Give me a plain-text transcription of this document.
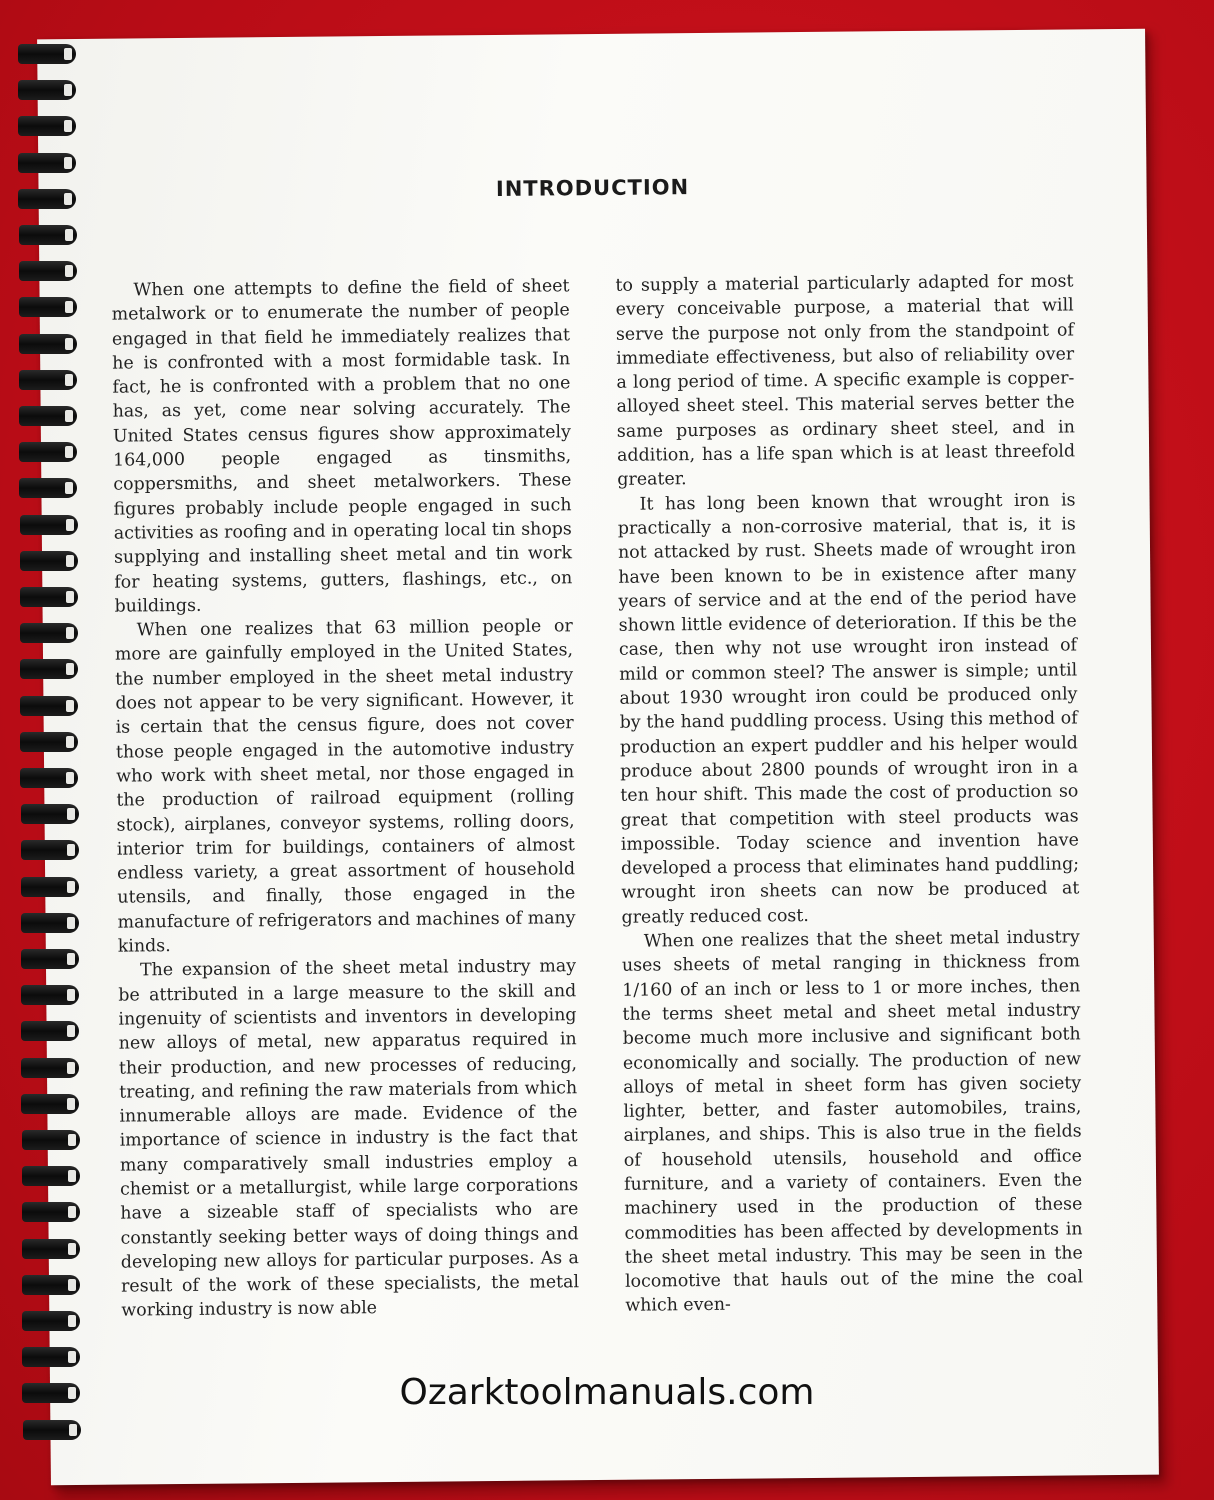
INTRODUCTION

When one attempts to define the field of sheet metalwork or to enumerate the number of people engaged in that field he immediately realizes that he is confronted with a most formidable task. In fact, he is confronted with a problem that no one has, as yet, come near solving accurately. The United States census figures show approximately 164,000 people engaged as tinsmiths, coppersmiths, and sheet metalworkers. These figures probably include people engaged in such activities as roofing and in operating local tin shops supplying and installing sheet metal and tin work for heating systems, gutters, flashings, etc., on buildings.

When one realizes that 63 million people or more are gainfully employed in the United States, the number employed in the sheet metal industry does not appear to be very significant. However, it is certain that the census figure, does not cover those people engaged in the automotive industry who work with sheet metal, nor those engaged in the production of railroad equipment (rolling stock), airplanes, conveyor systems, rolling doors, interior trim for buildings, containers of almost endless variety, a great assortment of household utensils, and finally, those engaged in the manufacture of refrigerators and machines of many kinds.

The expansion of the sheet metal industry may be attributed in a large measure to the skill and ingenuity of scientists and inventors in developing new alloys of metal, new apparatus required in their production, and new processes of reducing, treating, and refining the raw materials from which innumerable alloys are made. Evidence of the importance of science in industry is the fact that many comparatively small industries employ a chemist or a metallurgist, while large corporations have a sizeable staff of specialists who are constantly seeking better ways of doing things and developing new alloys for particular purposes. As a result of the work of these specialists, the metal working industry is now able

to supply a material particularly adapted for most every conceivable purpose, a material that will serve the purpose not only from the standpoint of immediate effectiveness, but also of reliability over a long period of time. A specific example is copper-alloyed sheet steel. This material serves better the same purposes as ordinary sheet steel, and in addition, has a life span which is at least threefold greater.

It has long been known that wrought iron is practically a non-corrosive material, that is, it is not attacked by rust. Sheets made of wrought iron have been known to be in existence after many years of service and at the end of the period have shown little evidence of deterioration. If this be the case, then why not use wrought iron instead of mild or common steel? The answer is simple; until about 1930 wrought iron could be produced only by the hand puddling process. Using this method of production an expert puddler and his helper would produce about 2800 pounds of wrought iron in a ten hour shift. This made the cost of production so great that competition with steel products was impossible. Today science and invention have developed a process that eliminates hand puddling; wrought iron sheets can now be produced at greatly reduced cost.

When one realizes that the sheet metal industry uses sheets of metal ranging in thickness from 1/160 of an inch or less to 1 or more inches, then the terms sheet metal and sheet metal industry become much more inclusive and significant both economically and socially. The production of new alloys of metal in sheet form has given society lighter, better, and faster automobiles, trains, airplanes, and ships. This is also true in the fields of household utensils, household and office furniture, and a variety of containers. Even the machinery used in the production of these commodities has been affected by developments in the sheet metal industry. This may be seen in the locomotive that hauls out of the mine the coal which even-

Ozarktoolmanuals.com
